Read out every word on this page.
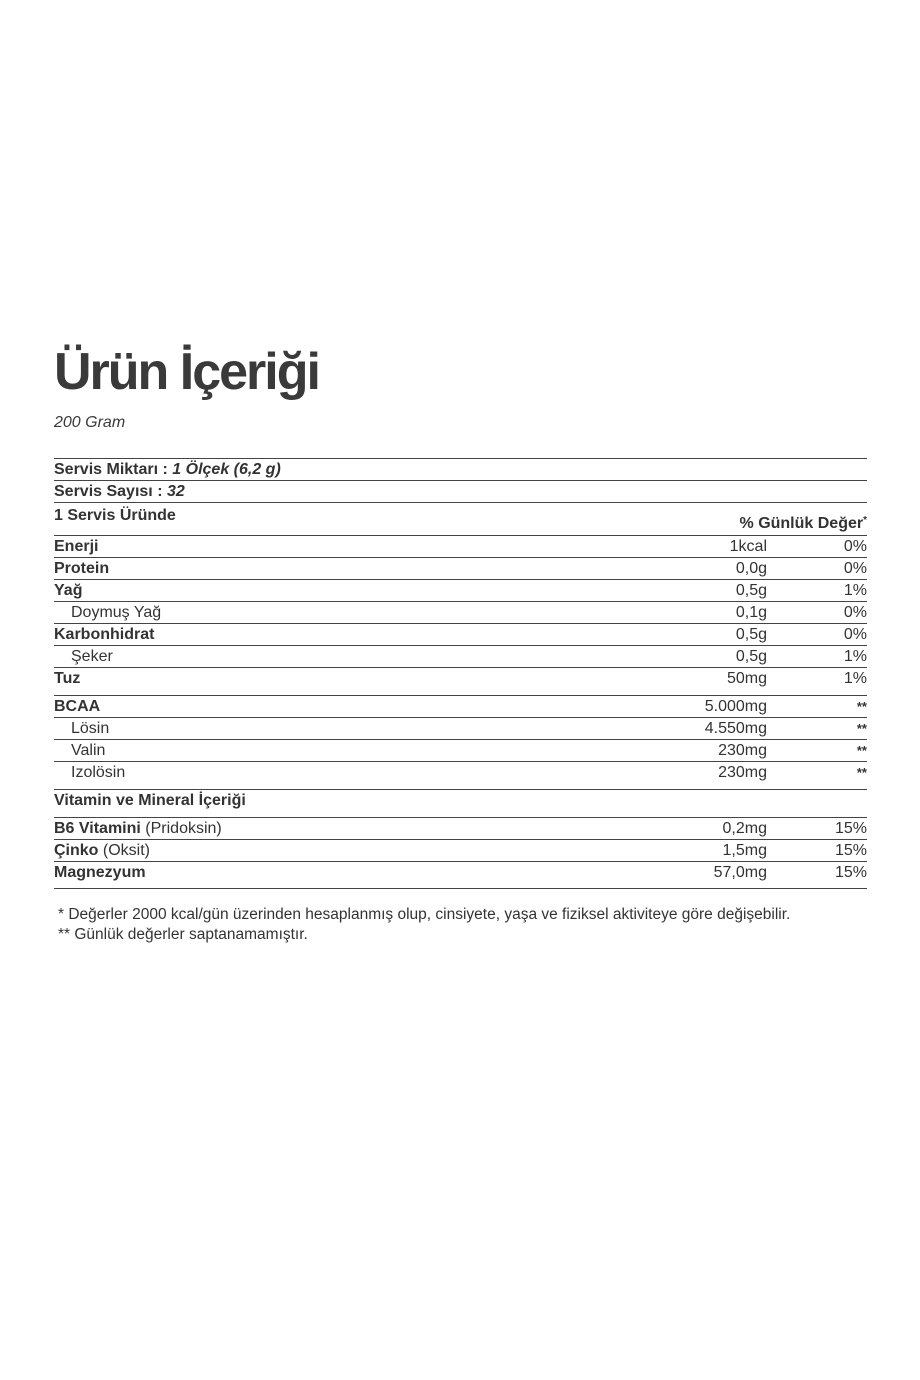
Ürün İçeriği
200 Gram
Servis Miktarı : 1 Ölçek (6,2 g)
Servis Sayısı : 32
1 Servis Üründe	% Günlük Değer*
Enerji	1kcal	0%
Protein	0,0g	0%
Yağ	0,5g	1%
Doymuş Yağ	0,1g	0%
Karbonhidrat	0,5g	0%
Şeker	0,5g	1%
Tuz	50mg	1%
BCAA	5.000mg	**
Lösin	4.550mg	**
Valin	230mg	**
Izolösin	230mg	**
Vitamin ve Mineral İçeriği
B6 Vitamini (Pridoksin)	0,2mg	15%
Çinko (Oksit)	1,5mg	15%
Magnezyum	57,0mg	15%
* Değerler 2000 kcal/gün üzerinden hesaplanmış olup, cinsiyete, yaşa ve fiziksel aktiviteye göre değişebilir.
** Günlük değerler saptanamamıştır.
